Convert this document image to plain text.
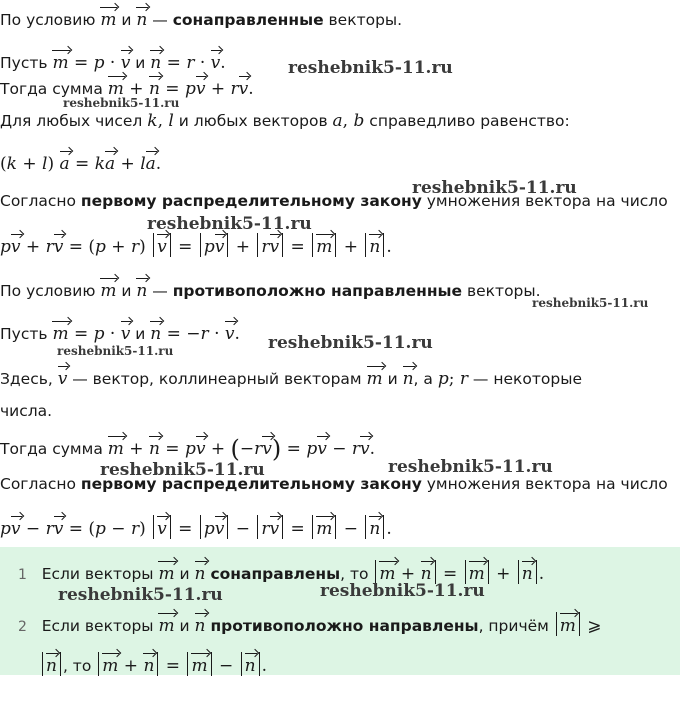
По условию m и n — сонаправленные векторы.
Пусть m = p · v и n = r · v.
Тогда сумма m + n = pv + rv.
Для любых чисел k, l и любых векторов a, b справедливо равенство:
(k + l) a = ka + la.
Согласно первому распределительному закону умножения вектора на число
pv + rv = (p + r) v = pv + rv = m + n .
По условию m и n — противоположно направленные векторы.
Пусть m = p · v и n = −r · v.
Здесь, v — вектор, коллинеарный векторам m и n, а p; r — некоторые
числа.
Тогда сумма m + n = pv + (−rv) = pv − rv.
Согласно первому распределительному закону умножения вектора на число
pv − rv = (p − r) v = pv − rv = m − n .
1 Если векторы m и n сонаправлены, то m + n = m + n .
2 Если векторы m и n противоположно направлены, причём m ⩾
n , то m + n = m − n .
reshebnik5-11.ru
reshebnik5-11.ru
reshebnik5-11.ru
reshebnik5-11.ru
reshebnik5-11.ru
reshebnik5-11.ru
reshebnik5-11.ru
reshebnik5-11.ru	reshebnik5-11.ru
reshebnik5-11.ru	reshebnik5-11.ru
